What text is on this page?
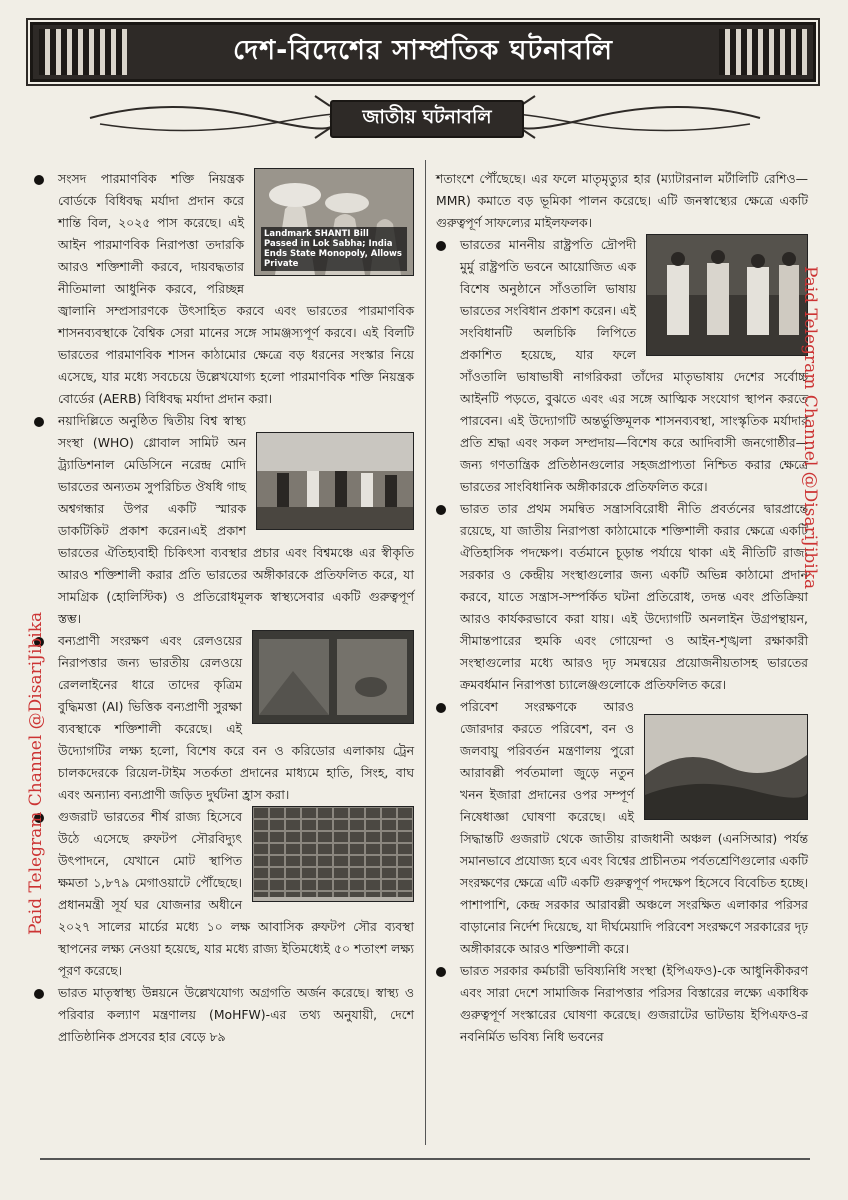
দেশ-বিদেশের সাম্প্রতিক ঘটনাবলি
জাতীয় ঘটনাবলি
Landmark SHANTI Bill Passed in Lok Sabha; India Ends State Monopoly, Allows Private

সংসদ পারমাণবিক শক্তি নিয়ন্ত্রক বোর্ডকে বিধিবদ্ধ মর্যাদা প্রদান করে শান্তি বিল, ২০২৫ পাস করেছে। এই আইন পারমাণবিক নিরাপত্তা তদারকি আরও শক্তিশালী করবে, দায়বদ্ধতার নীতিমালা আধুনিক করবে, পরিচ্ছন্ন জ্বালানি সম্প্রসারণকে উৎসাহিত করবে এবং ভারতের পারমাণবিক শাসনব্যবস্থাকে বৈশ্বিক সেরা মানের সঙ্গে সামঞ্জস্যপূর্ণ করবে। এই বিলটি ভারতের পারমাণবিক শাসন কাঠামোর ক্ষেত্রে বড় ধরনের সংস্কার নিয়ে এসেছে, যার মধ্যে সবচেয়ে উল্লেখযোগ্য হলো পারমাণবিক শক্তি নিয়ন্ত্রক বোর্ডের (AERB) বিধিবদ্ধ মর্যাদা প্রদান করা।

নয়াদিল্লিতে অনুষ্ঠিত দ্বিতীয় বিশ্ব স্বাস্থ্য সংস্থা (WHO) গ্লোবাল সামিট অন ট্র্যাডিশনাল মেডিসিনে নরেন্দ্র মোদি ভারতের অন্যতম সুপরিচিত ঔষধি গাছ অশ্বগন্ধার উপর একটি স্মারক ডাকটিকিট প্রকাশ করেন।এই প্রকাশ ভারতের ঐতিহ্যবাহী চিকিৎসা ব্যবস্থার প্রচার এবং বিশ্বমঞ্চে এর স্বীকৃতি আরও শক্তিশালী করার প্রতি ভারতের অঙ্গীকারকে প্রতিফলিত করে, যা সামগ্রিক (হোলিস্টিক) ও প্রতিরোধমূলক স্বাস্থ্যসেবার একটি গুরুত্বপূর্ণ স্তম্ভ।

বন্যপ্রাণী সংরক্ষণ এবং রেলওয়ের নিরাপত্তার জন্য ভারতীয় রেলওয়ে রেললাইনের ধারে তাদের কৃত্রিম বুদ্ধিমত্তা (AI) ভিত্তিক বন্যপ্রাণী সুরক্ষা ব্যবস্থাকে শক্তিশালী করেছে। এই উদ্যোগটির লক্ষ্য হলো, বিশেষ করে বন ও করিডোর এলাকায় ট্রেন চালকদেরকে রিয়েল-টাইম সতর্কতা প্রদানের মাধ্যমে হাতি, সিংহ, বাঘ এবং অন্যান্য বন্যপ্রাণী জড়িত দুর্ঘটনা হ্রাস করা।

গুজরাট ভারতের শীর্ষ রাজ্য হিসেবে উঠে এসেছে রুফটপ সৌরবিদ্যুৎ উৎপাদনে, যেখানে মোট স্থাপিত ক্ষমতা ১,৮৭৯ মেগাওয়াটে পৌঁছেছে। প্রধানমন্ত্রী সূর্য ঘর যোজনার অধীনে ২০২৭ সালের মার্চের মধ্যে ১০ লক্ষ আবাসিক রুফটপ সৌর ব্যবস্থা স্থাপনের লক্ষ্য নেওয়া হয়েছে, যার মধ্যে রাজ্য ইতিমধ্যেই ৫০ শতাংশ লক্ষ্য পূরণ করেছে।

ভারত মাতৃস্বাস্থ্য উন্নয়নে উল্লেখযোগ্য অগ্রগতি অর্জন করেছে। স্বাস্থ্য ও পরিবার কল্যাণ মন্ত্রণালয় (MoHFW)-এর তথ্য অনুযায়ী, দেশে প্রাতিষ্ঠানিক প্রসবের হার বেড়ে ৮৯

শতাংশে পৌঁছেছে। এর ফলে মাতৃমৃত্যুর হার (ম্যাটারনাল মর্টালিটি রেশিও—MMR) কমাতে বড় ভূমিকা পালন করেছে। এটি জনস্বাস্থ্যের ক্ষেত্রে একটি গুরুত্বপূর্ণ সাফল্যের মাইলফলক।

ভারতের মাননীয় রাষ্ট্রপতি দ্রৌপদী মুর্মু রাষ্ট্রপতি ভবনে আয়োজিত এক বিশেষ অনুষ্ঠানে সাঁওতালি ভাষায় ভারতের সংবিধান প্রকাশ করেন। এই সংবিধানটি অলচিকি লিপিতে প্রকাশিত হয়েছে, যার ফলে সাঁওতালি ভাষাভাষী নাগরিকরা তাঁদের মাতৃভাষায় দেশের সর্বোচ্চ আইনটি পড়তে, বুঝতে এবং এর সঙ্গে আত্মিক সংযোগ স্থাপন করতে পারবেন। এই উদ্যোগটি অন্তর্ভুক্তিমূলক শাসনব্যবস্থা, সাংস্কৃতিক মর্যাদার প্রতি শ্রদ্ধা এবং সকল সম্প্রদায়—বিশেষ করে আদিবাসী জনগোষ্ঠীর—জন্য গণতান্ত্রিক প্রতিষ্ঠানগুলোর সহজপ্রাপ্যতা নিশ্চিত করার ক্ষেত্রে ভারতের সাংবিধানিক অঙ্গীকারকে প্রতিফলিত করে।

ভারত তার প্রথম সমন্বিত সন্ত্রাসবিরোধী নীতি প্রবর্তনের দ্বারপ্রান্তে রয়েছে, যা জাতীয় নিরাপত্তা কাঠামোকে শক্তিশালী করার ক্ষেত্রে একটি ঐতিহাসিক পদক্ষেপ। বর্তমানে চূড়ান্ত পর্যায়ে থাকা এই নীতিটি রাজ্য সরকার ও কেন্দ্রীয় সংস্থাগুলোর জন্য একটি অভিন্ন কাঠামো প্রদান করবে, যাতে সন্ত্রাস-সম্পর্কিত ঘটনা প্রতিরোধ, তদন্ত এবং প্রতিক্রিয়া আরও কার্যকরভাবে করা যায়। এই উদ্যোগটি অনলাইন উগ্রপন্থায়ন, সীমান্তপারের হুমকি এবং গোয়েন্দা ও আইন-শৃঙ্খলা রক্ষাকারী সংস্থাগুলোর মধ্যে আরও দৃঢ় সমন্বয়ের প্রয়োজনীয়তাসহ ভারতের ক্রমবর্ধমান নিরাপত্তা চ্যালেঞ্জগুলোকে প্রতিফলিত করে।

পরিবেশ সংরক্ষণকে আরও জোরদার করতে পরিবেশ, বন ও জলবায়ু পরিবর্তন মন্ত্রণালয় পুরো আরাবল্লী পর্বতমালা জুড়ে নতুন খনন ইজারা প্রদানের ওপর সম্পূর্ণ নিষেধাজ্ঞা ঘোষণা করেছে। এই সিদ্ধান্তটি গুজরাট থেকে জাতীয় রাজধানী অঞ্চল (এনসিআর) পর্যন্ত সমানভাবে প্রযোজ্য হবে এবং বিশ্বের প্রাচীনতম পর্বতশ্রেণিগুলোর একটি সংরক্ষণের ক্ষেত্রে এটি একটি গুরুত্বপূর্ণ পদক্ষেপ হিসেবে বিবেচিত হচ্ছে। পাশাপাশি, কেন্দ্র সরকার আরাবল্লী অঞ্চলে সংরক্ষিত এলাকার পরিসর বাড়ানোর নির্দেশ দিয়েছে, যা দীর্ঘমেয়াদি পরিবেশ সংরক্ষণে সরকারের দৃঢ় অঙ্গীকারকে আরও শক্তিশালী করে।

ভারত সরকার কর্মচারী ভবিষ্যনিধি সংস্থা (ইপিএফও)-কে আধুনিকীকরণ এবং সারা দেশে সামাজিক নিরাপত্তার পরিসর বিস্তারের লক্ষ্যে একাধিক গুরুত্বপূর্ণ সংস্কারের ঘোষণা করেছে। গুজরাটের ভাটভায় ইপিএফও-র নবনির্মিত ভবিষ্য নিধি ভবনের

Paid Telegram Channel @DisariJibika
Paid Telegram Channel @DisariJibika
